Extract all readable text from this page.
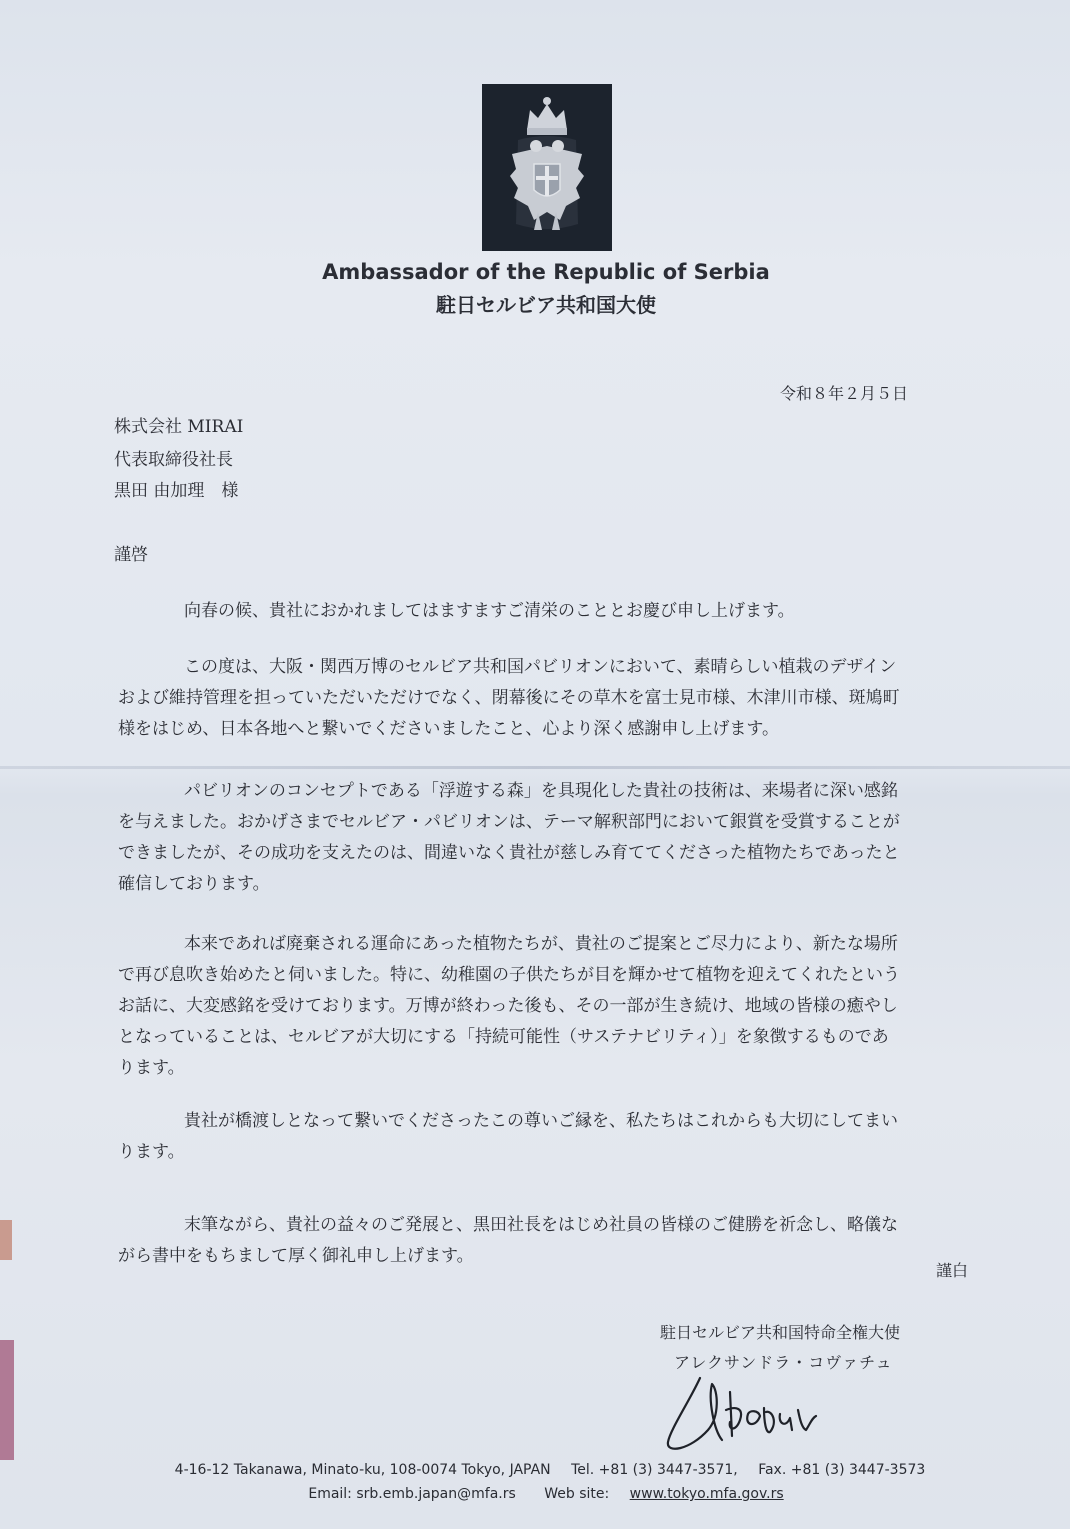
Ambassador of the Republic of Serbia
駐日セルビア共和国大使
令和８年２月５日
株式会社 MIRAI
代表取締役社長
黒田 由加理　様
謹啓
向春の候、貴社におかれましてはますますご清栄のこととお慶び申し上げます。
この度は、大阪・関西万博のセルビア共和国パビリオンにおいて、素晴らしい植栽のデザイン
および維持管理を担っていただいただけでなく、閉幕後にその草木を富士見市様、木津川市様、斑鳩町
様をはじめ、日本各地へと繋いでくださいましたこと、心より深く感謝申し上げます。
パビリオンのコンセプトである「浮遊する森」を具現化した貴社の技術は、来場者に深い感銘
を与えました。おかげさまでセルビア・パビリオンは、テーマ解釈部門において銀賞を受賞することが
できましたが、その成功を支えたのは、間違いなく貴社が慈しみ育ててくださった植物たちであったと
確信しております。
本来であれば廃棄される運命にあった植物たちが、貴社のご提案とご尽力により、新たな場所
で再び息吹き始めたと伺いました。特に、幼稚園の子供たちが目を輝かせて植物を迎えてくれたという
お話に、大変感銘を受けております。万博が終わった後も、その一部が生き続け、地域の皆様の癒やし
となっていることは、セルビアが大切にする「持続可能性（サステナビリティ）」を象徴するものであ
ります。
貴社が橋渡しとなって繋いでくださったこの尊いご縁を、私たちはこれからも大切にしてまい
ります。
末筆ながら、貴社の益々のご発展と、黒田社長をはじめ社員の皆様のご健勝を祈念し、略儀な
がら書中をもちまして厚く御礼申し上げます。
謹白
駐日セルビア共和国特命全権大使
アレクサンドラ・コヴァチュ
4-16-12 Takanawa, Minato-ku, 108-0074 Tokyo, JAPAN Tel. +81 (3) 3447-3571, Fax. +81 (3) 3447-3573
Email: srb.emb.japan@mfa.rs Web site: www.tokyo.mfa.gov.rs
